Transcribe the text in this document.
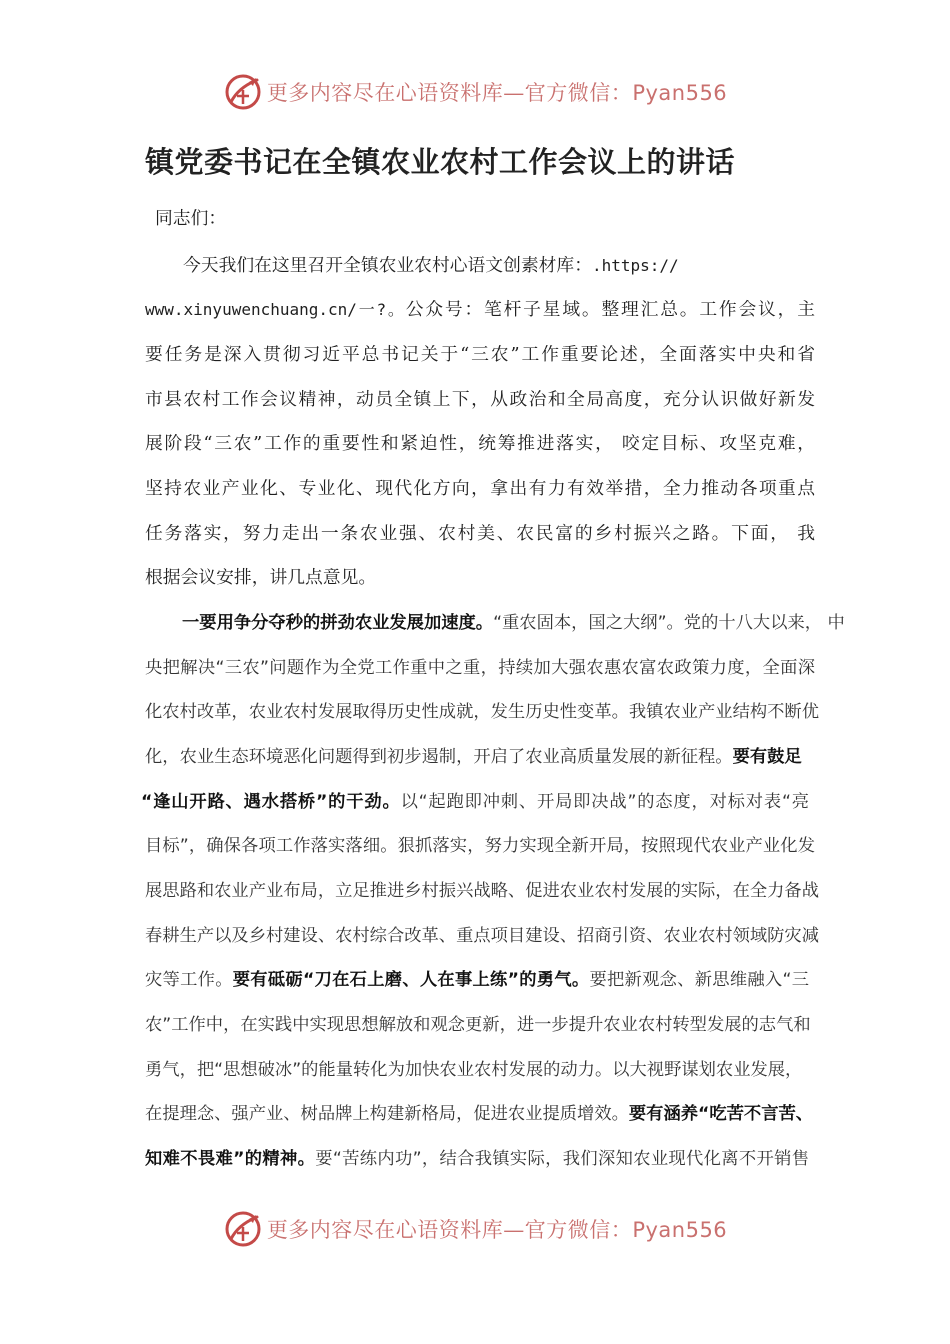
更多内容尽在心语资料库—官方微信：Pyan556
镇党委书记在全镇农业农村工作会议上的讲话
同志们：
今天我们在这里召开全镇农业农村心语文创素材库：.https://
www.xinyuwenchuang.cn/一?。公众号：笔杆子星域。整理汇总。工作会议，主
要任务是深入贯彻习近平总书记关于“三农”工作重要论述，全面落实中央和省
市县农村工作会议精神，动员全镇上下，从政治和全局高度，充分认识做好新发
展阶段“三农”工作的重要性和紧迫性，统筹推进落实， 咬定目标、攻坚克难，
坚持农业产业化、专业化、现代化方向，拿出有力有效举措，全力推动各项重点
任务落实，努力走出一条农业强、农村美、农民富的乡村振兴之路。下面， 我
根据会议安排，讲几点意见。
一要用争分夺秒的拼劲农业发展加速度。“重农固本，国之大纲”。党的十八大以来， 中
央把解决“三农”问题作为全党工作重中之重，持续加大强农惠农富农政策力度，全面深
化农村改革，农业农村发展取得历史性成就，发生历史性变革。我镇农业产业结构不断优
化，农业生态环境恶化问题得到初步遏制，开启了农业高质量发展的新征程。要有鼓足
“逢山开路、遇水搭桥”的干劲。以“起跑即冲刺、开局即决战”的态度，对标对表“亮
目标”，确保各项工作落实落细。狠抓落实，努力实现全新开局，按照现代农业产业化发
展思路和农业产业布局，立足推进乡村振兴战略、促进农业农村发展的实际，在全力备战
春耕生产以及乡村建设、农村综合改革、重点项目建设、招商引资、农业农村领域防灾减
灾等工作。要有砥砺“刀在石上磨、人在事上练”的勇气。要把新观念、新思维融入“三
农”工作中，在实践中实现思想解放和观念更新，进一步提升农业农村转型发展的志气和
勇气，把“思想破冰”的能量转化为加快农业农村发展的动力。以大视野谋划农业发展，
在提理念、强产业、树品牌上构建新格局，促进农业提质增效。要有涵养“吃苦不言苦、
知难不畏难”的精神。要“苦练内功”，结合我镇实际，我们深知农业现代化离不开销售
更多内容尽在心语资料库—官方微信：Pyan556
